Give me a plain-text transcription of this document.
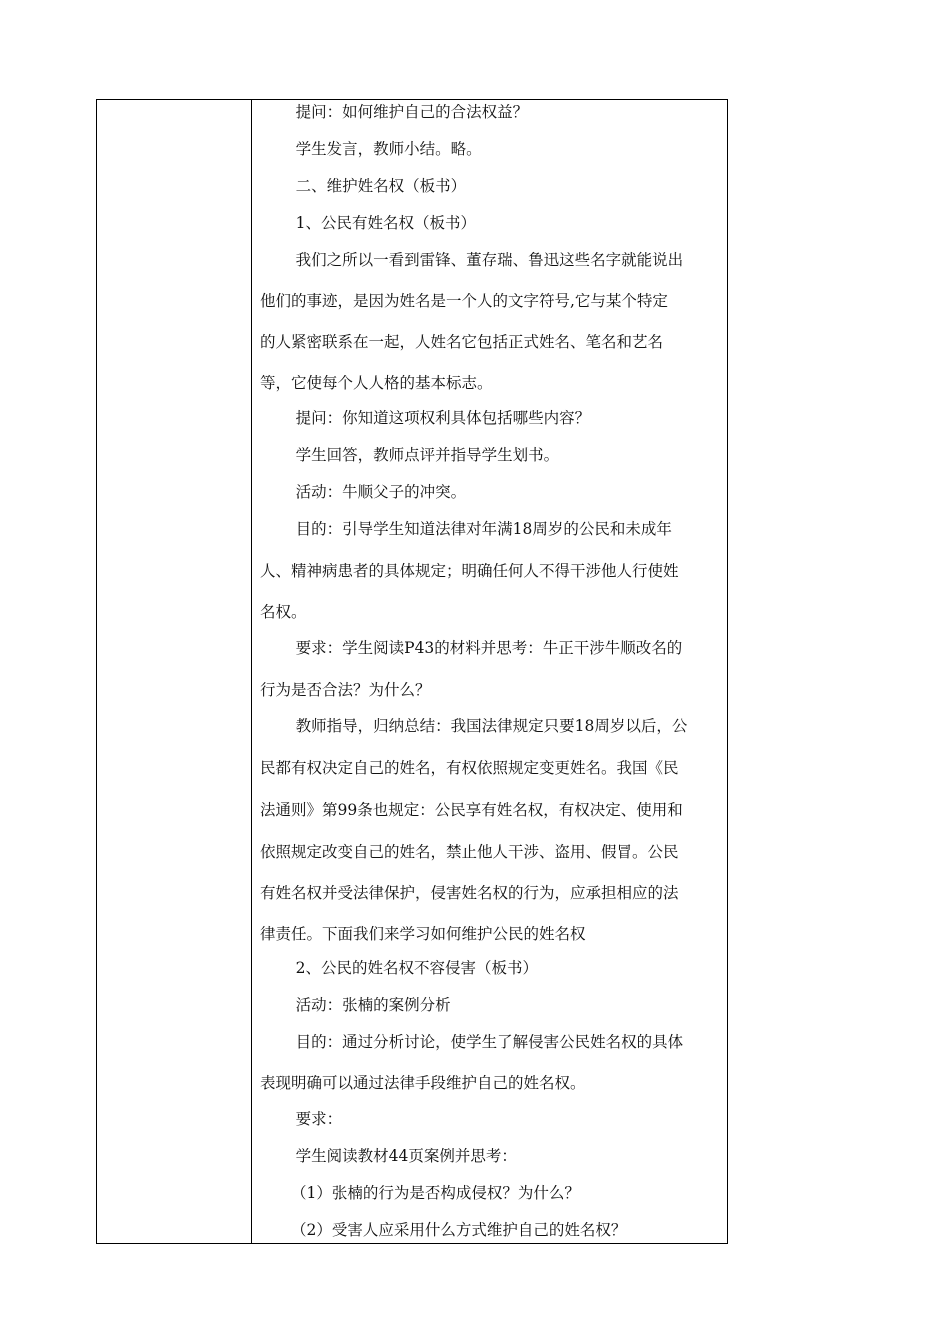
提问：如何维护自己的合法权益？
学生发言，教师小结。略。
二、维护姓名权（板书）
1、公民有姓名权（板书）
我们之所以一看到雷锋、董存瑞、鲁迅这些名字就能说出
他们的事迹，是因为姓名是一个人的文字符号,它与某个特定
的人紧密联系在一起，人姓名它包括正式姓名、笔名和艺名
等，它使每个人人格的基本标志。
提问：你知道这项权利具体包括哪些内容？
学生回答，教师点评并指导学生划书。
活动：牛顺父子的冲突。
目的：引导学生知道法律对年满18周岁的公民和未成年
人、精神病患者的具体规定；明确任何人不得干涉他人行使姓
名权。
要求：学生阅读P43的材料并思考：牛正干涉牛顺改名的
行为是否合法？为什么？
教师指导，归纳总结：我国法律规定只要18周岁以后，公
民都有权决定自己的姓名，有权依照规定变更姓名。我国《民
法通则》第99条也规定：公民享有姓名权，有权决定、使用和
依照规定改变自己的姓名，禁止他人干涉、盗用、假冒。公民
有姓名权并受法律保护，侵害姓名权的行为，应承担相应的法
律责任。下面我们来学习如何维护公民的姓名权
2、公民的姓名权不容侵害（板书）
活动：张楠的案例分析
目的：通过分析讨论，使学生了解侵害公民姓名权的具体
表现明确可以通过法律手段维护自己的姓名权。
要求：
学生阅读教材44页案例并思考：
（1）张楠的行为是否构成侵权？为什么？
（2）受害人应采用什么方式维护自己的姓名权？
